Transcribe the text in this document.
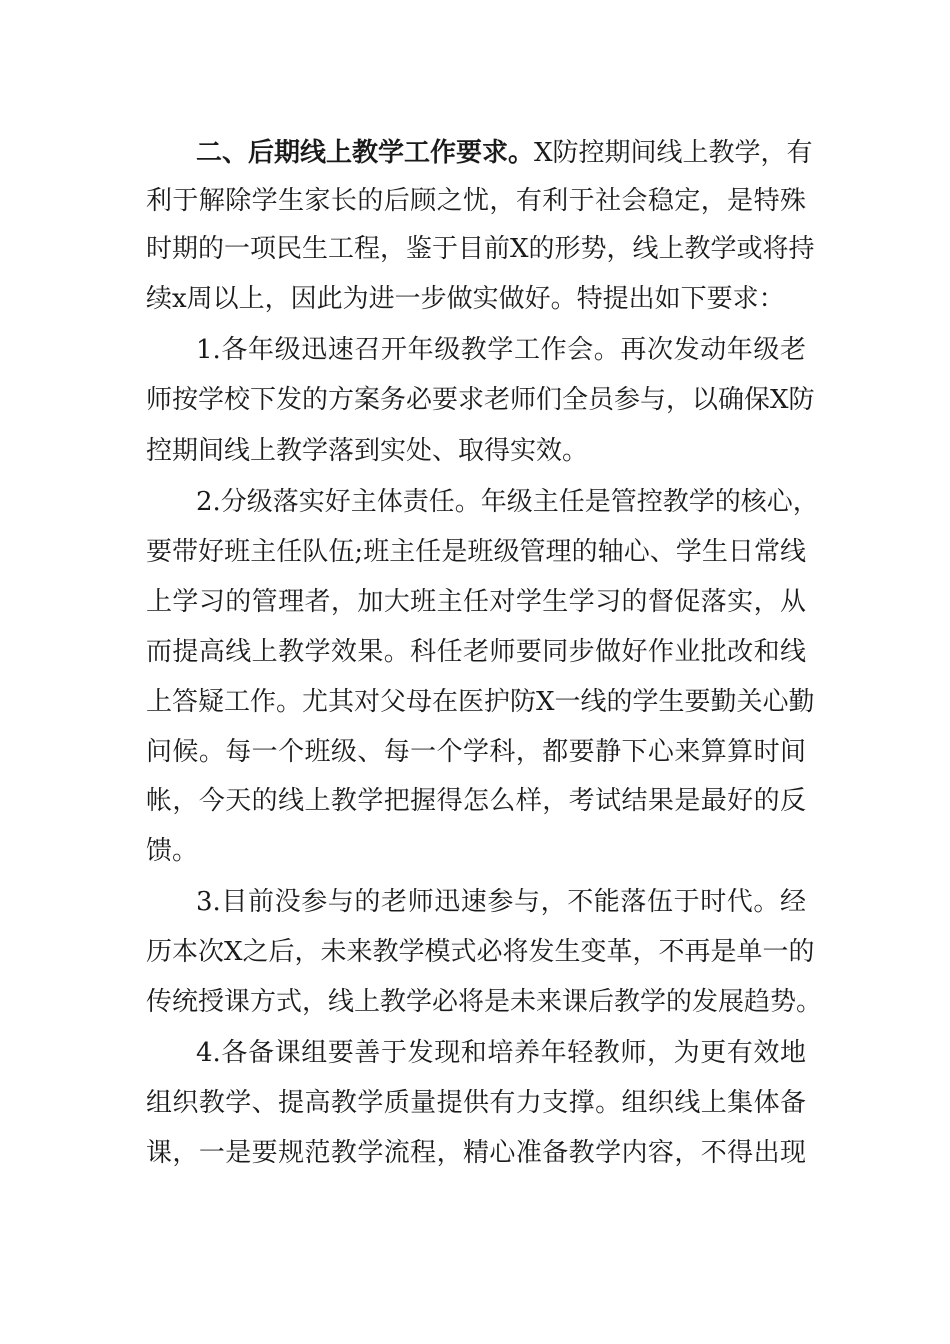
二、后期线上教学工作要求。X防控期间线上教学，有
利于解除学生家长的后顾之忧，有利于社会稳定，是特殊
时期的一项民生工程，鉴于目前X的形势，线上教学或将持
续x周以上，因此为进一步做实做好。特提出如下要求：
1.各年级迅速召开年级教学工作会。再次发动年级老
师按学校下发的方案务必要求老师们全员参与，以确保X防
控期间线上教学落到实处、取得实效。
2.分级落实好主体责任。年级主任是管控教学的核心，
要带好班主任队伍;班主任是班级管理的轴心、学生日常线
上学习的管理者，加大班主任对学生学习的督促落实，从
而提高线上教学效果。科任老师要同步做好作业批改和线
上答疑工作。尤其对父母在医护防X一线的学生要勤关心勤
问候。每一个班级、每一个学科，都要静下心来算算时间
帐，今天的线上教学把握得怎么样，考试结果是最好的反
馈。
3.目前没参与的老师迅速参与，不能落伍于时代。经
历本次X之后，未来教学模式必将发生变革，不再是单一的
传统授课方式，线上教学必将是未来课后教学的发展趋势。
4.各备课组要善于发现和培养年轻教师，为更有效地
组织教学、提高教学质量提供有力支撑。组织线上集体备
课，一是要规范教学流程，精心准备教学内容，不得出现
